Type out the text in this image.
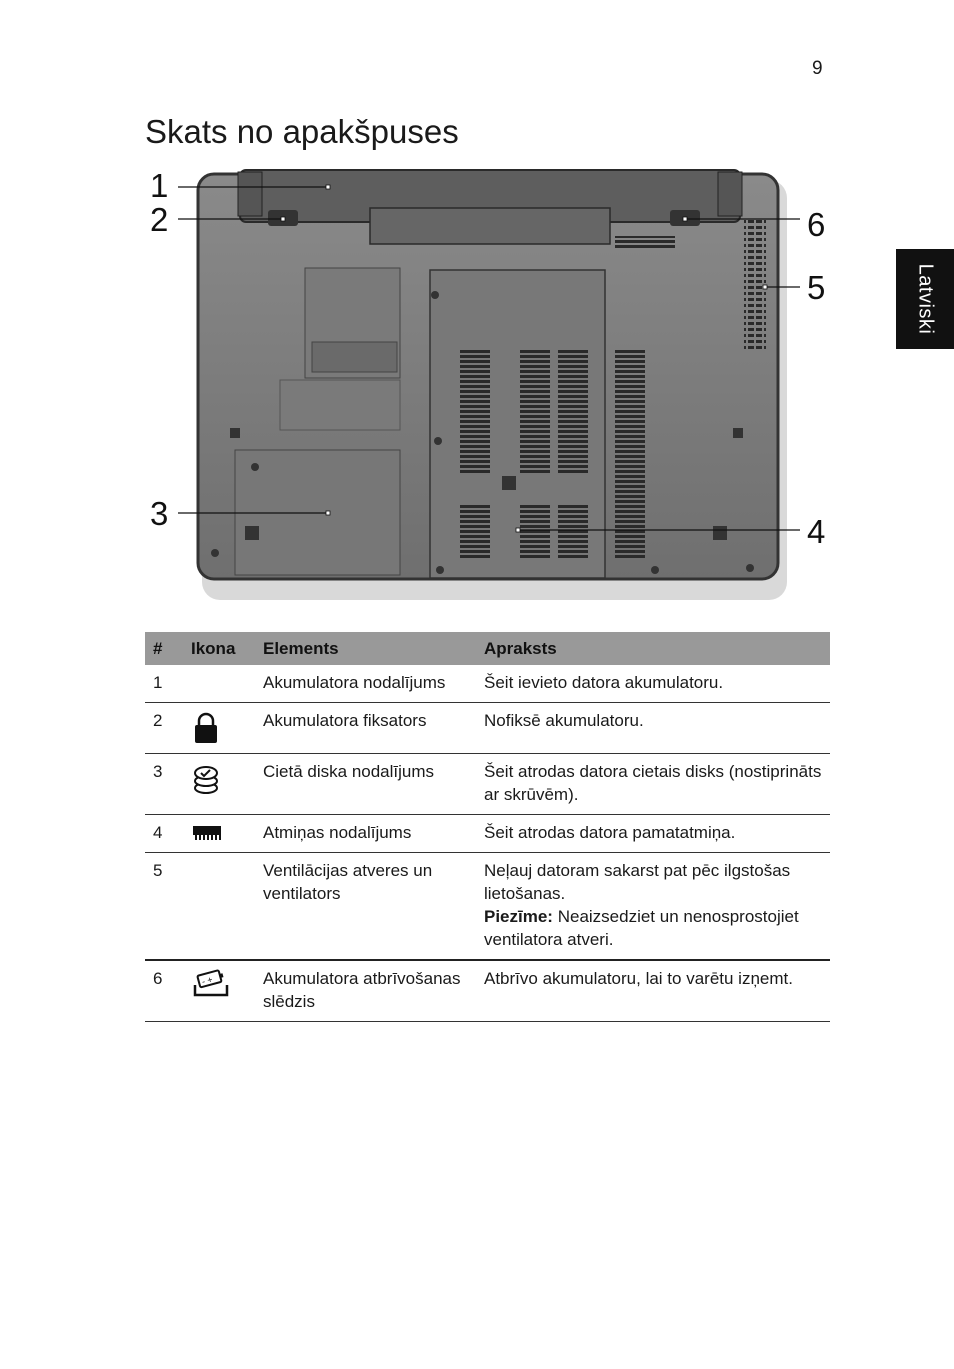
9
Skats no apakšpuses
Latviski
1
2
3	4
5
6
#	Ikona	Elements	Apraksts
1		Akumulatora nodalījums	Šeit ievieto datora akumulatoru.
2		Akumulatora fiksators	Nofiksē akumulatoru.
3		Cietā diska nodalījums	Šeit atrodas datora cietais disks (nostiprināts ar skrūvēm).
4		Atmiņas nodalījums	Šeit atrodas datora pamatatmiņa.
5		Ventilācijas atveres un ventilators	Neļauj datoram sakarst pat pēc ilgstošas lietošanas.
Piezīme: Neaizsedziet un nenosprostojiet ventilatora atveri.
6	- +	Akumulatora atbrīvošanas slēdzis	Atbrīvo akumulatoru, lai to varētu izņemt.
